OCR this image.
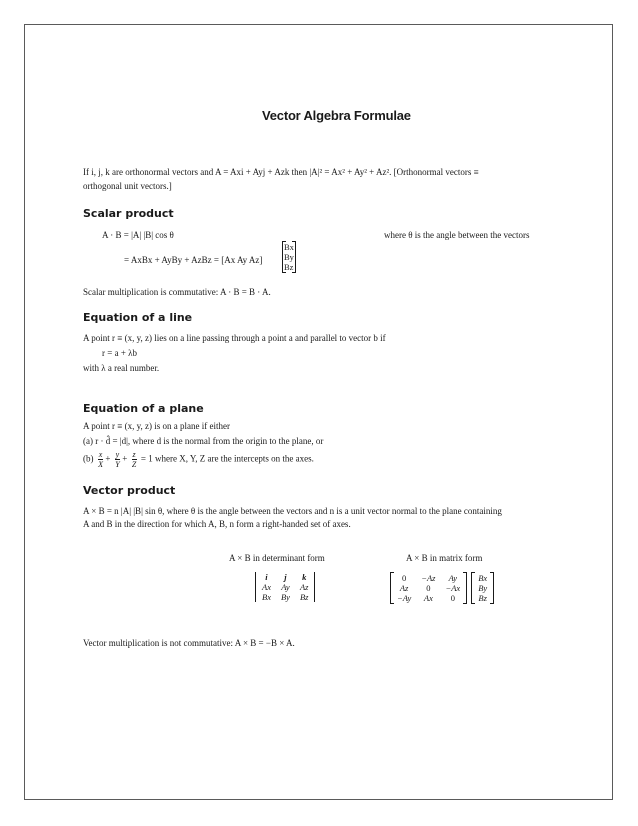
Vector Algebra Formulae
If i, j, k are orthonormal vectors and A = Axi + Ayj + Azk then |A|² = Ax² + Ay² + Az². [Orthonormal vectors ≡
orthogonal unit vectors.]
Scalar product
A · B = |A| |B| cos θ	where θ is the angle between the vectors
= AxBx + AyBy + AzBz = [Ax Ay Az]
Bx
By
Bz
Scalar multiplication is commutative: A · B = B · A.
Equation of a line
A point r ≡ (x, y, z) lies on a line passing through a point a and parallel to vector b if
r = a + λb
with λ a real number.
Equation of a plane
A point r ≡ (x, y, z) is on a plane if either
(a) r · d̂ = |d|, where d is the normal from the origin to the plane, or
$(b) \frac{x}{X} + \frac{y}{Y} + \frac{z}{Z} = 1$ where X, Y, Z are the intercepts on the axes.
Vector product
A × B = n |A| |B| sin θ, where θ is the angle between the vectors and n is a unit vector normal to the plane containing
A and B in the direction for which A, B, n form a right-handed set of axes.
A × B in determinant form	A × B in matrix form
i	j	k
Ax	Ay	Az
Bx	By	Bz
0	−Az	Ay
Az	0	−Ax
−Ay	Ax	0
Bx
By
Bz
Vector multiplication is not commutative: A × B = −B × A.
